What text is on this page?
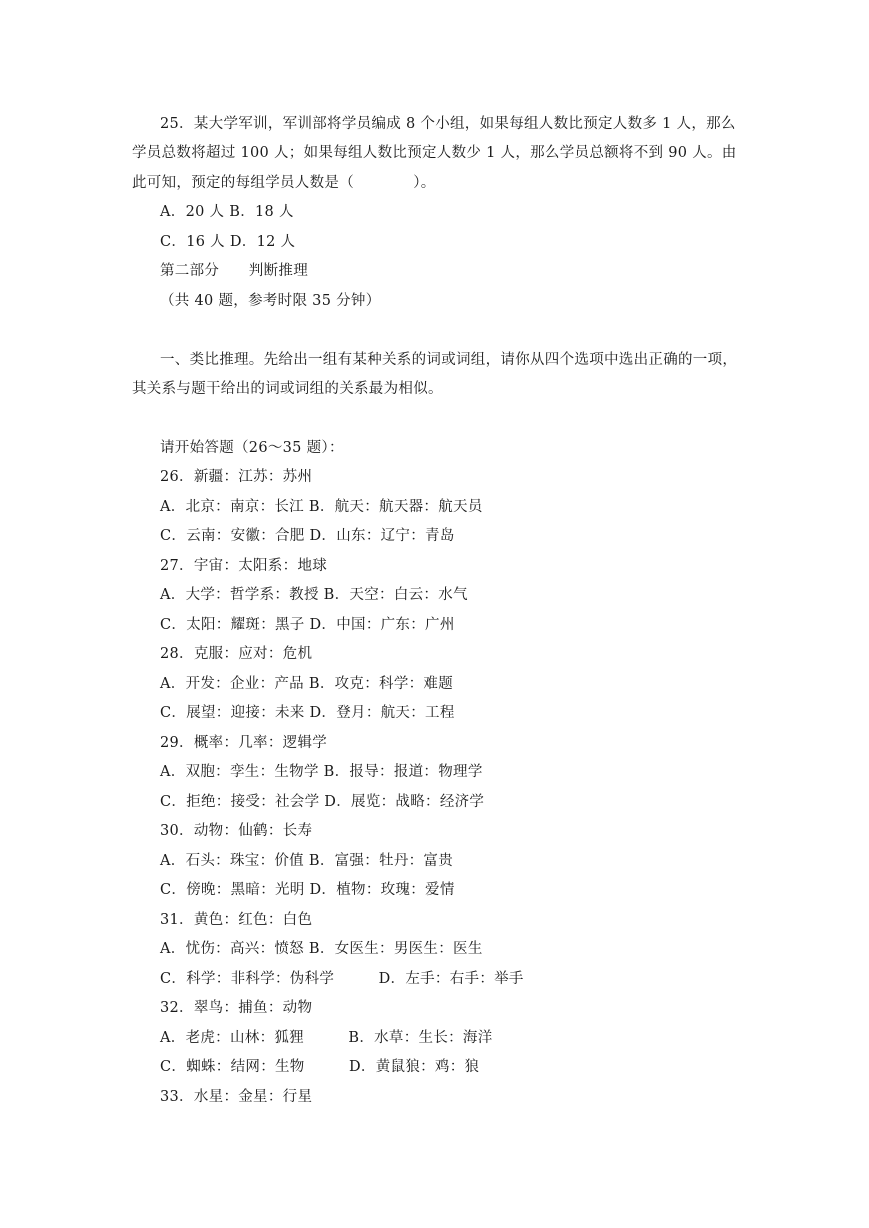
25．某大学军训，军训部将学员编成 8 个小组，如果每组人数比预定人数多 1 人，那么
学员总数将超过 100 人；如果每组人数比预定人数少 1 人，那么学员总额将不到 90 人。由
此可知，预定的每组学员人数是（　　　　）。
A．20 人 B．18 人
C．16 人 D．12 人
第二部分　　判断推理
（共 40 题，参考时限 35 分钟）
一、类比推理。先给出一组有某种关系的词或词组，请你从四个选项中选出正确的一项，
其关系与题干给出的词或词组的关系最为相似。
请开始答题（26～35 题）：
26．新疆：江苏：苏州
A．北京：南京：长江 B．航天：航天器：航天员
C．云南：安徽：合肥 D．山东：辽宁：青岛
27．宇宙：太阳系：地球
A．大学：哲学系：教授 B．天空：白云：水气
C．太阳：耀斑：黑子 D．中国：广东：广州
28．克服：应对：危机
A．开发：企业：产品 B．攻克：科学：难题
C．展望：迎接：未来 D．登月：航天：工程
29．概率：几率：逻辑学
A．双胞：孪生：生物学 B．报导：报道：物理学
C．拒绝：接受：社会学 D．展览：战略：经济学
30．动物：仙鹤：长寿
A．石头：珠宝：价值 B．富强：牡丹：富贵
C．傍晚：黑暗：光明 D．植物：玫瑰：爱情
31．黄色：红色：白色
A．忧伤：高兴：愤怒 B．女医生：男医生：医生
C．科学：非科学：伪科学　　　D．左手：右手：举手
32．翠鸟：捕鱼：动物
A．老虎：山林：狐狸　　　B．水草：生长：海洋
C．蜘蛛：结网：生物　　　D．黄鼠狼：鸡：狼
33．水星：金星：行星
